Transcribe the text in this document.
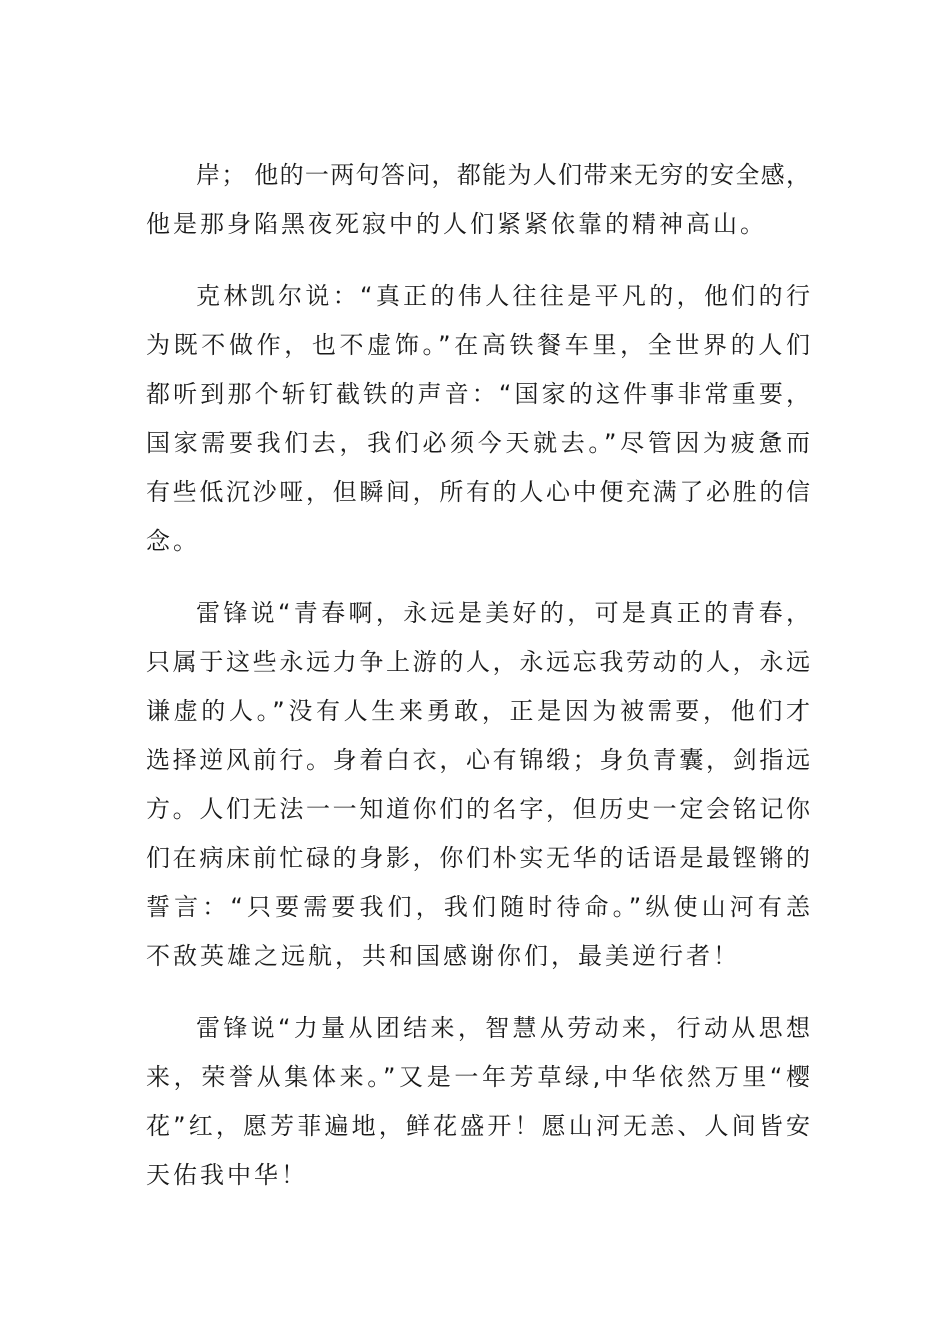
岸； 他的一两句答问，都能为人们带来无穷的安全感，
他是那身陷黑夜死寂中的人们紧紧依靠的精神高山。
克林凯尔说：“真正的伟人往往是平凡的，他们的行
为既不做作，也不虚饰。”在高铁餐车里，全世界的人们
都听到那个斩钉截铁的声音：“国家的这件事非常重要，
国家需要我们去，我们必须今天就去。”尽管因为疲惫而
有些低沉沙哑，但瞬间，所有的人心中便充满了必胜的信
念。
雷锋说“青春啊，永远是美好的，可是真正的青春，
只属于这些永远力争上游的人，永远忘我劳动的人，永远
谦虚的人。”没有人生来勇敢，正是因为被需要，他们才
选择逆风前行。身着白衣，心有锦缎；身负青囊，剑指远
方。人们无法一一知道你们的名字，但历史一定会铭记你
们在病床前忙碌的身影，你们朴实无华的话语是最铿锵的
誓言：“只要需要我们，我们随时待命。”纵使山河有恙
不敌英雄之远航，共和国感谢你们，最美逆行者！
雷锋说“力量从团结来，智慧从劳动来，行动从思想
来，荣誉从集体来。”又是一年芳草绿,中华依然万里“樱
花”红，愿芳菲遍地，鲜花盛开！愿山河无恙、人间皆安
天佑我中华！
